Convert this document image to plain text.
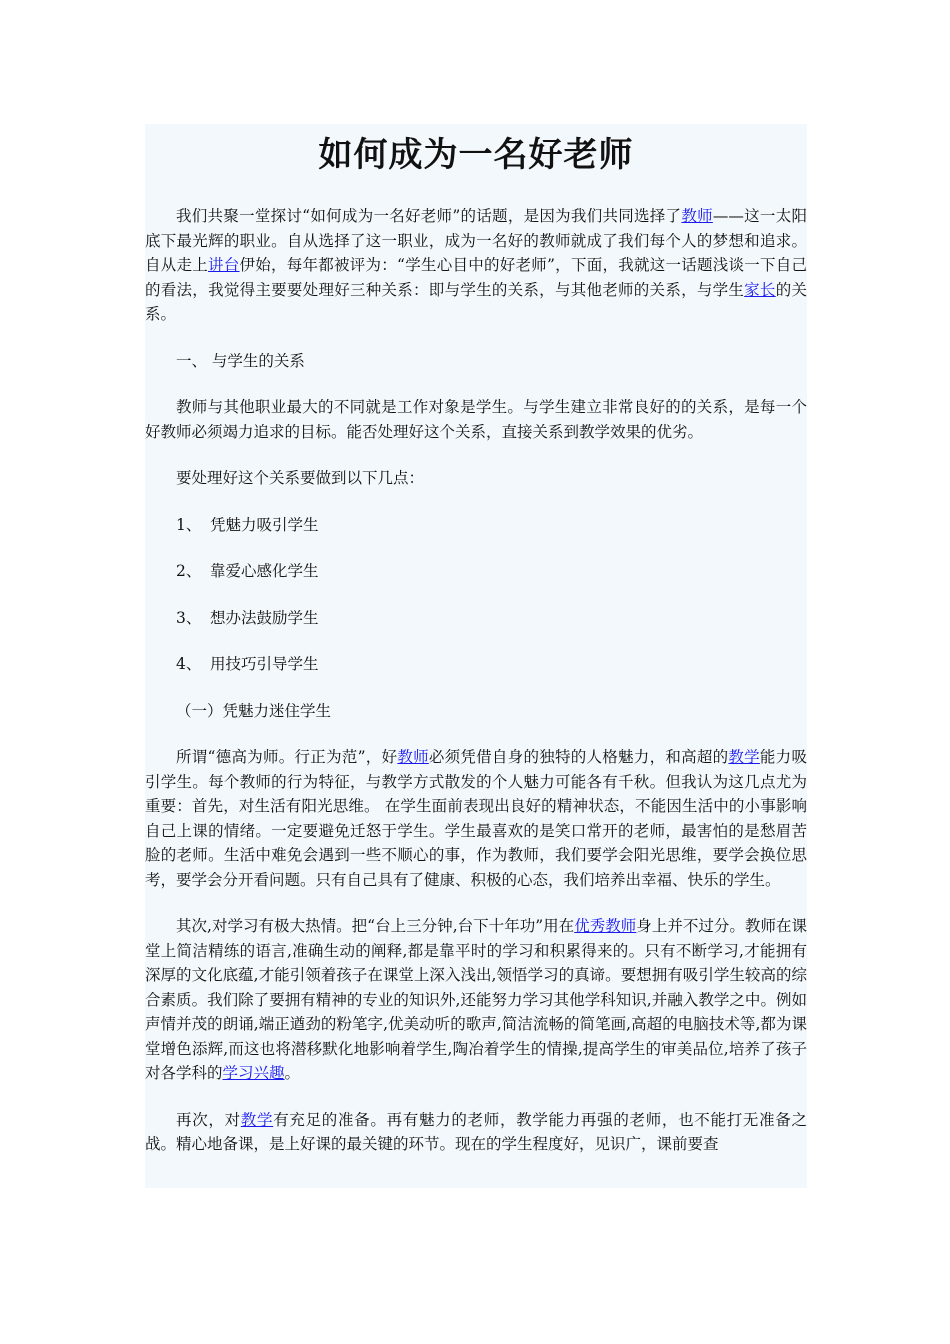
如何成为一名好老师

我们共聚一堂探讨“如何成为一名好老师”的话题，是因为我们共同选择了教师——这一太阳底下最光辉的职业。自从选择了这一职业，成为一名好的教师就成了我们每个人的梦想和追求。自从走上讲台伊始，每年都被评为：“学生心目中的好老师”，下面，我就这一话题浅谈一下自己的看法，我觉得主要要处理好三种关系：即与学生的关系，与其他老师的关系，与学生家长的关系。

一、 与学生的关系

教师与其他职业最大的不同就是工作对象是学生。与学生建立非常良好的的关系，是每一个好教师必须竭力追求的目标。能否处理好这个关系，直接关系到教学效果的优劣。

要处理好这个关系要做到以下几点：

1、 凭魅力吸引学生
2、 靠爱心感化学生
3、 想办法鼓励学生
4、 用技巧引导学生

（一）凭魅力迷住学生

所谓“德高为师。行正为范”，好教师必须凭借自身的独特的人格魅力，和高超的教学能力吸引学生。每个教师的行为特征，与教学方式散发的个人魅力可能各有千秋。但我认为这几点尤为重要：首先，对生活有阳光思维。 在学生面前表现出良好的精神状态，不能因生活中的小事影响自己上课的情绪。一定要避免迁怒于学生。学生最喜欢的是笑口常开的老师，最害怕的是愁眉苦脸的老师。生活中难免会遇到一些不顺心的事，作为教师，我们要学会阳光思维，要学会换位思考，要学会分开看问题。只有自己具有了健康、积极的心态，我们培养出幸福、快乐的学生。

其次,对学习有极大热情。把“台上三分钟,台下十年功”用在优秀教师身上并不过分。教师在课堂上简洁精练的语言,准确生动的阐释,都是靠平时的学习和积累得来的。只有不断学习,才能拥有深厚的文化底蕴,才能引领着孩子在课堂上深入浅出,领悟学习的真谛。要想拥有吸引学生较高的综合素质。我们除了要拥有精神的专业的知识外,还能努力学习其他学科知识,并融入教学之中。例如声情并茂的朗诵,端正遒劲的粉笔字,优美动听的歌声,简洁流畅的简笔画,高超的电脑技术等,都为课堂增色添辉,而这也将潜移默化地影响着学生,陶冶着学生的情操,提高学生的审美品位,培养了孩子对各学科的学习兴趣。

再次，对教学有充足的准备。再有魅力的老师，教学能力再强的老师，也不能打无准备之战。精心地备课，是上好课的最关键的环节。现在的学生程度好，见识广，课前要查
